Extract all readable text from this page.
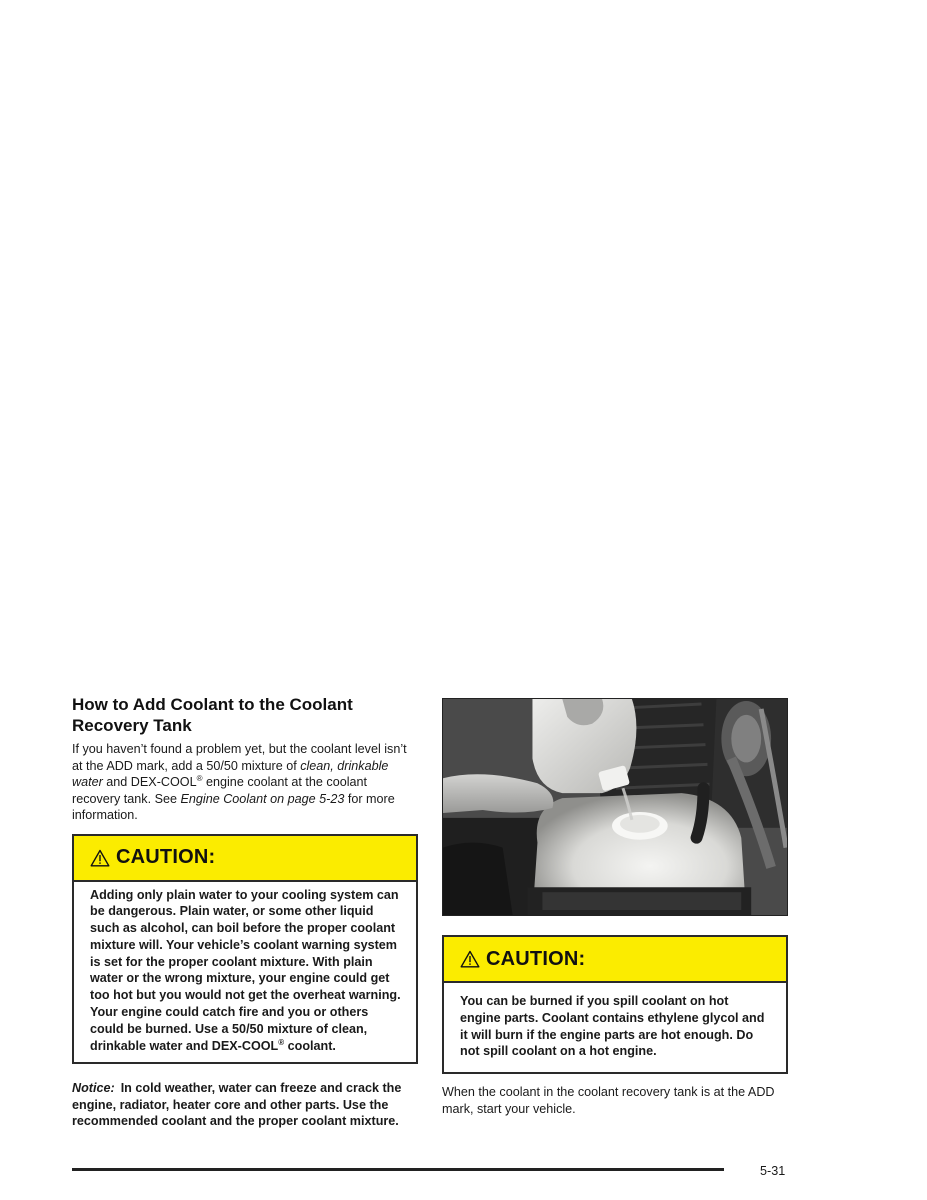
How to Add Coolant to the Coolant
Recovery Tank

If you haven’t found a problem yet, but the coolant level isn’t at the ADD mark, add a 50/50 mixture of clean, drinkable water and DEX-COOL® engine coolant at the coolant recovery tank. See Engine Coolant on page 5-23 for more information.

CAUTION:
Adding only plain water to your cooling system can be dangerous. Plain water, or some other liquid such as alcohol, can boil before the proper coolant mixture will. Your vehicle’s coolant warning system is set for the proper coolant mixture. With plain water or the wrong mixture, your engine could get too hot but you would not get the overheat warning. Your engine could catch fire and you or others could be burned. Use a 50/50 mixture of clean, drinkable water and DEX-COOL® coolant.

Notice: In cold weather, water can freeze and crack the engine, radiator, heater core and other parts. Use the recommended coolant and the proper coolant mixture.

CAUTION:
You can be burned if you spill coolant on hot engine parts. Coolant contains ethylene glycol and it will burn if the engine parts are hot enough. Do not spill coolant on a hot engine.

When the coolant in the coolant recovery tank is at the ADD mark, start your vehicle.

5-31
